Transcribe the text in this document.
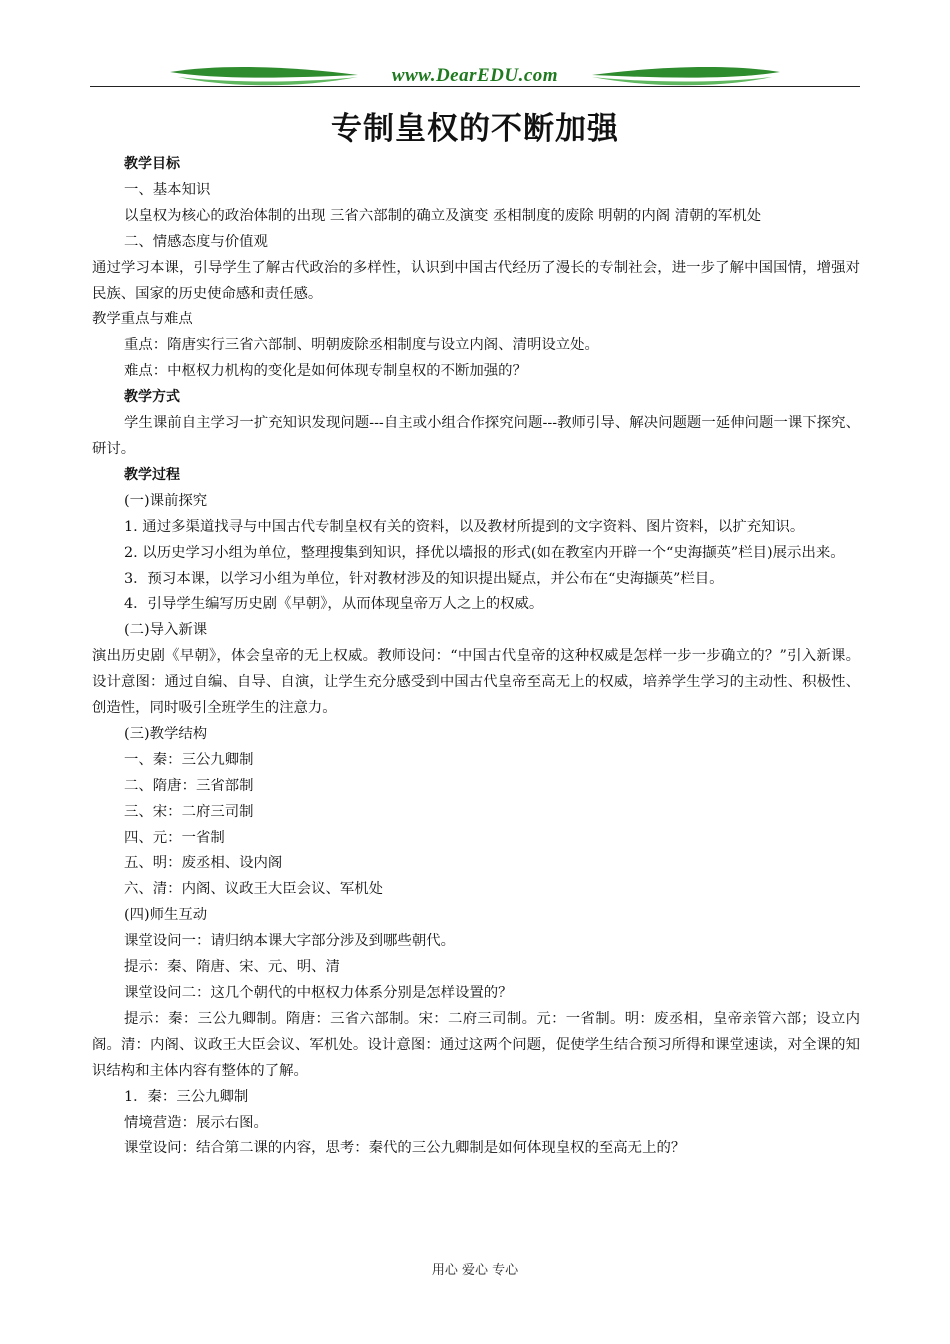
www.DearEDU.com
专制皇权的不断加强

教学目标

一、基本知识

以皇权为核心的政治体制的出现 三省六部制的确立及演变 丞相制度的废除 明朝的内阁 清朝的军机处

二、情感态度与价值观

通过学习本课，引导学生了解古代政治的多样性，认识到中国古代经历了漫长的专制社会，进一步了解中国国情，增强对民族、国家的历史使命感和责任感。

教学重点与难点

重点：隋唐实行三省六部制、明朝废除丞相制度与设立内阁、清明设立处。

难点：中枢权力机构的变化是如何体现专制皇权的不断加强的？

教学方式

学生课前自主学习一扩充知识发现问题---自主或小组合作探究问题---教师引导、解决问题题一延伸问题一课下探究、研讨。

教学过程

(一)课前探究

1. 通过多渠道找寻与中国古代专制皇权有关的资料，以及教材所提到的文字资料、图片资料，以扩充知识。

2. 以历史学习小组为单位，整理搜集到知识，择优以墙报的形式(如在教室内开辟一个“史海撷英”栏目)展示出来。

3．预习本课，以学习小组为单位，针对教材涉及的知识提出疑点，并公布在“史海撷英”栏目。

4．引导学生编写历史剧《早朝》，从而体现皇帝万人之上的权威。

(二)导入新课

演出历史剧《早朝》，体会皇帝的无上权威。教师设问：“中国古代皇帝的这种权威是怎样一步一步确立的？”引入新课。设计意图：通过自编、自导、自演，让学生充分感受到中国古代皇帝至高无上的权威，培养学生学习的主动性、积极性、创造性，同时吸引全班学生的注意力。

(三)教学结构

一、秦：三公九卿制

二、隋唐：三省部制

三、宋：二府三司制

四、元：一省制

五、明：废丞相、设内阁

六、清：内阁、议政王大臣会议、军机处

(四)师生互动

课堂设问一：请归纳本课大字部分涉及到哪些朝代。

提示：秦、隋唐、宋、元、明、清

课堂设问二：这几个朝代的中枢权力体系分别是怎样设置的？

提示：秦：三公九卿制。隋唐：三省六部制。宋：二府三司制。元：一省制。明：废丞相，皇帝亲管六部；设立内阁。清：内阁、议政王大臣会议、军机处。设计意图：通过这两个问题，促使学生结合预习所得和课堂速读，对全课的知识结构和主体内容有整体的了解。

1．秦：三公九卿制

情境营造：展示右图。

课堂设问：结合第二课的内容，思考：秦代的三公九卿制是如何体现皇权的至高无上的？

用心 爱心 专心
